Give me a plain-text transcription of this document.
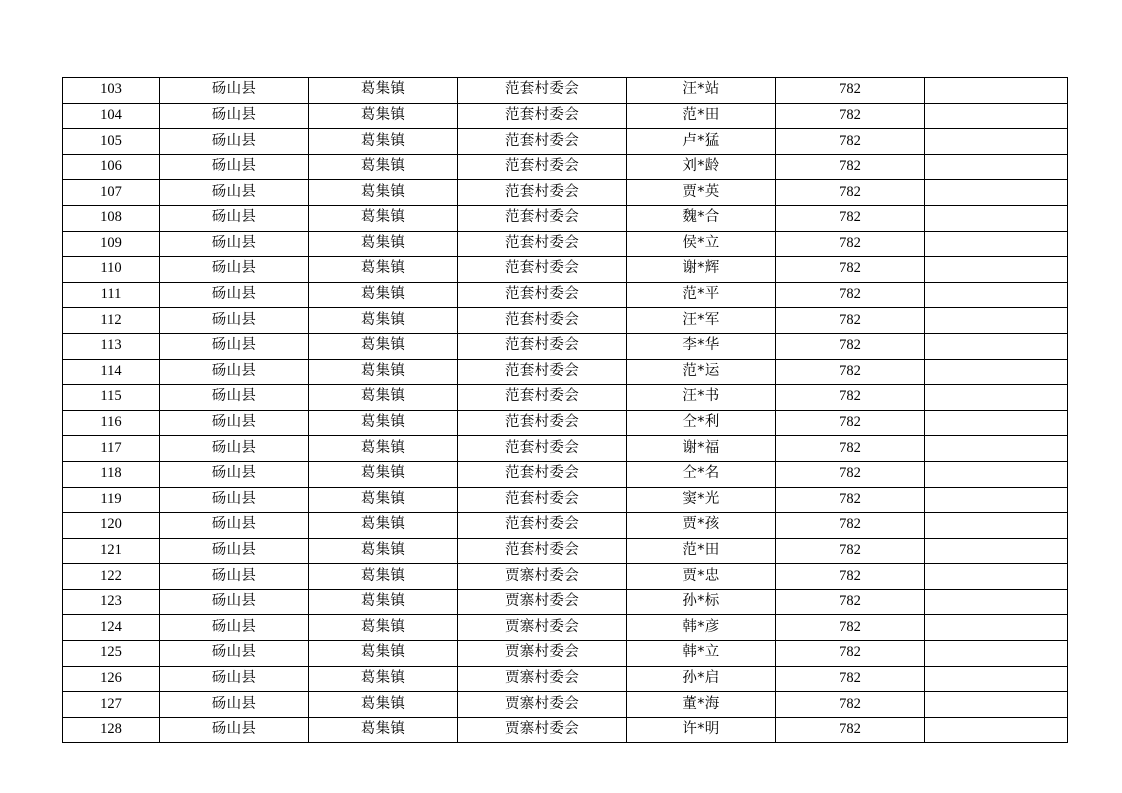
103	砀山县	葛集镇	范套村委会	汪*站	782	
104	砀山县	葛集镇	范套村委会	范*田	782	
105	砀山县	葛集镇	范套村委会	卢*猛	782	
106	砀山县	葛集镇	范套村委会	刘*龄	782	
107	砀山县	葛集镇	范套村委会	贾*英	782	
108	砀山县	葛集镇	范套村委会	魏*合	782	
109	砀山县	葛集镇	范套村委会	侯*立	782	
110	砀山县	葛集镇	范套村委会	谢*辉	782	
111	砀山县	葛集镇	范套村委会	范*平	782	
112	砀山县	葛集镇	范套村委会	汪*军	782	
113	砀山县	葛集镇	范套村委会	李*华	782	
114	砀山县	葛集镇	范套村委会	范*运	782	
115	砀山县	葛集镇	范套村委会	汪*书	782	
116	砀山县	葛集镇	范套村委会	仝*利	782	
117	砀山县	葛集镇	范套村委会	谢*福	782	
118	砀山县	葛集镇	范套村委会	仝*名	782	
119	砀山县	葛集镇	范套村委会	窦*光	782	
120	砀山县	葛集镇	范套村委会	贾*孩	782	
121	砀山县	葛集镇	范套村委会	范*田	782	
122	砀山县	葛集镇	贾寨村委会	贾*忠	782	
123	砀山县	葛集镇	贾寨村委会	孙*标	782	
124	砀山县	葛集镇	贾寨村委会	韩*彦	782	
125	砀山县	葛集镇	贾寨村委会	韩*立	782	
126	砀山县	葛集镇	贾寨村委会	孙*启	782	
127	砀山县	葛集镇	贾寨村委会	董*海	782	
128	砀山县	葛集镇	贾寨村委会	许*明	782	
